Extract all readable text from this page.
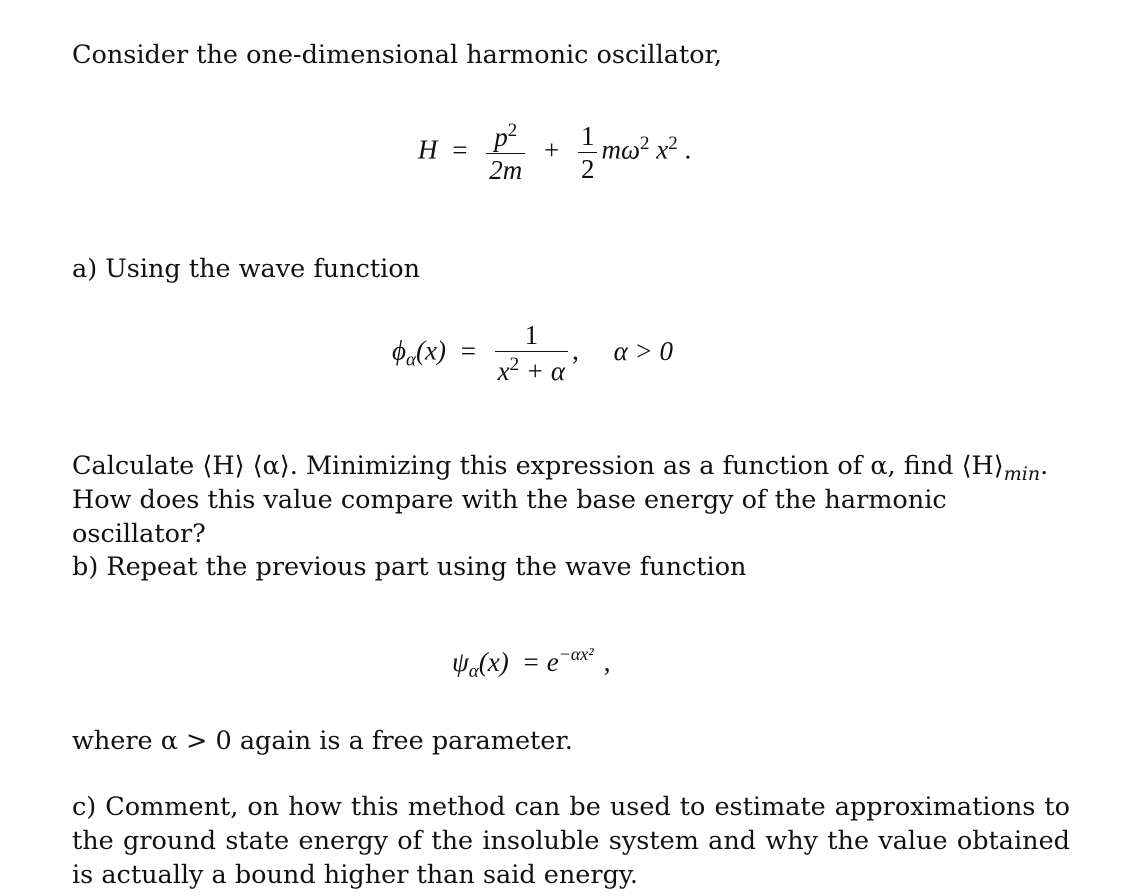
Consider the one-dimensional harmonic oscillator,
$H = \frac{p2}{2m} + \frac{1}{2} m\omega 2$ x2 .
a) Using the wave function
$\phi_\alpha(x) = \frac{1}{x2 + \alpha}$ , α > 0
Calculate ⟨H⟩ ⟨α⟩. Minimizing this expression as a function of α, find $⟨H⟩_{min}$.
How does this value compare with the base energy of the harmonic oscillator?
b) Repeat the previous part using the wave function
$\psi_\alpha(x) = e-\alpha x^2$ ,
where α > 0 again is a free parameter.
c) Comment, on how this method can be used to estimate approximations to the ground state energy of the insoluble system and why the value obtained is actually a bound higher than said energy.
